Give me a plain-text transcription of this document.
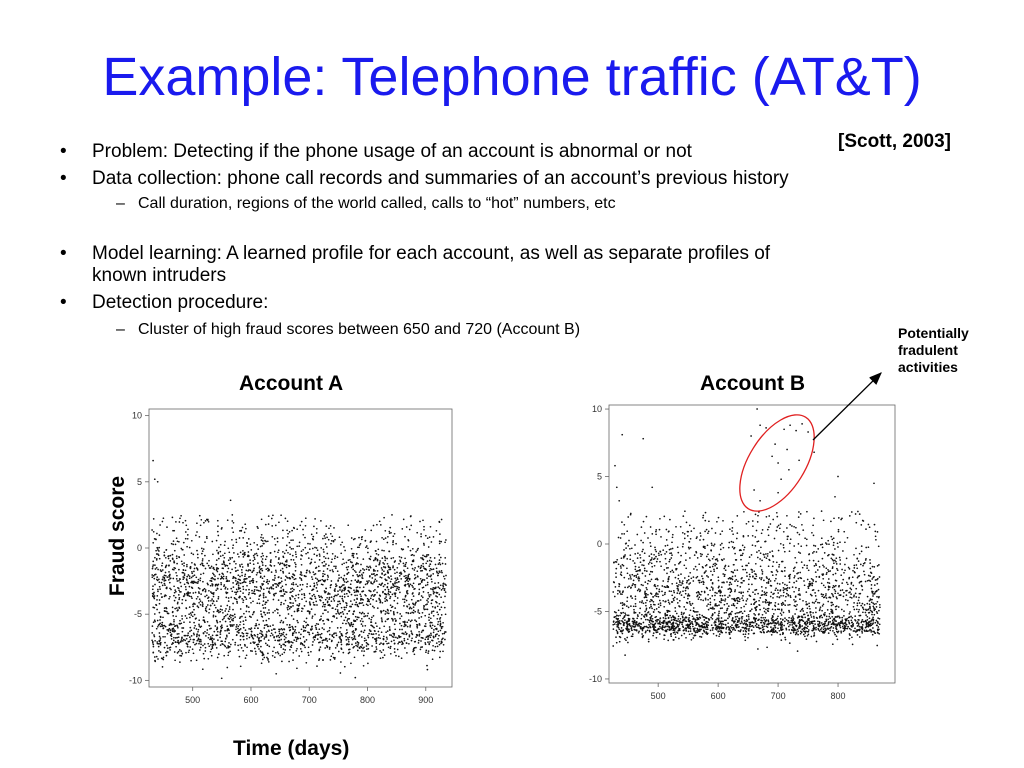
Example: Telephone traffic (AT&T)
[Scott, 2003]
• Problem: Detecting if the phone usage of an account is abnormal or not
• Data collection: phone call records and summaries of an account’s previous history
– Call duration, regions of the world called, calls to “hot” numbers, etc
• Model learning: A learned profile for each account, as well as separate profiles of
known intruders
• Detection procedure:
– Cluster of high fraud scores between 650 and 720 (Account B)	Potentially
fradulent
activities
Account A	Account B
Fraud score
Time (days)
500	600	700	800	900
10
5
0
-5
-10
500	600	700	800
10
5
0
-5
-10
